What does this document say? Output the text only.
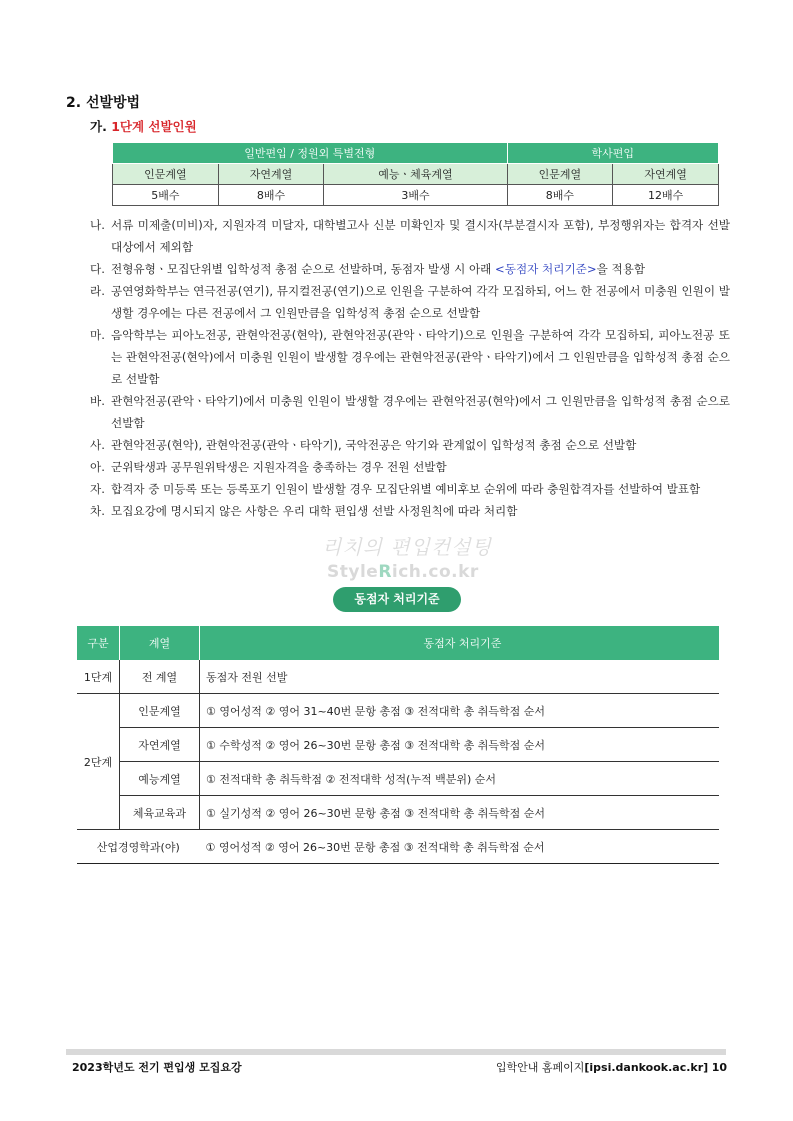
2. 선발방법
가. 1단계 선발인원
일반편입 / 정원외 특별전형			학사편입	
인문계열	자연계열	예능ㆍ체육계열	인문계열	자연계열
5배수	8배수	3배수	8배수	12배수
나. 서류 미제출(미비)자, 지원자격 미달자, 대학별고사 신분 미확인자 및 결시자(부분결시자 포함), 부정행위자는 합격자 선발대상에서 제외함
다. 전형유형ㆍ모집단위별 입학성적 총점 순으로 선발하며, 동점자 발생 시 아래 <동점자 처리기준>을 적용함
라. 공연영화학부는 연극전공(연기), 뮤지컬전공(연기)으로 인원을 구분하여 각각 모집하되, 어느 한 전공에서 미충원 인원이 발생할 경우에는 다른 전공에서 그 인원만큼을 입학성적 총점 순으로 선발함
마. 음악학부는 피아노전공, 관현악전공(현악), 관현악전공(관악ㆍ타악기)으로 인원을 구분하여 각각 모집하되, 피아노전공 또는 관현악전공(현악)에서 미충원 인원이 발생할 경우에는 관현악전공(관악ㆍ타악기)에서 그 인원만큼을 입학성적 총점 순으로 선발함
바. 관현악전공(관악ㆍ타악기)에서 미충원 인원이 발생할 경우에는 관현악전공(현악)에서 그 인원만큼을 입학성적 총점 순으로 선발함
사. 관현악전공(현악), 관현악전공(관악ㆍ타악기), 국악전공은 악기와 관계없이 입학성적 총점 순으로 선발함
아. 군위탁생과 공무원위탁생은 지원자격을 충족하는 경우 전원 선발함
자. 합격자 중 미등록 또는 등록포기 인원이 발생할 경우 모집단위별 예비후보 순위에 따라 충원합격자를 선발하여 발표함
차. 모집요강에 명시되지 않은 사항은 우리 대학 편입생 선발 사정원칙에 따라 처리함
리치의 편입컨설팅
StyleRich.co.kr
동점자 처리기준
구분	계열	동점자 처리기준
1단계	전 계열	동점자 전원 선발
2단계	인문계열	① 영어성적 ② 영어 31~40번 문항 총점 ③ 전적대학 총 취득학점 순서
	자연계열	① 수학성적 ② 영어 26~30번 문항 총점 ③ 전적대학 총 취득학점 순서
	예능계열	① 전적대학 총 취득학점 ② 전적대학 성적(누적 백분위) 순서
	체육교육과	① 실기성적 ② 영어 26~30번 문항 총점 ③ 전적대학 총 취득학점 순서
산업경영학과(야)		① 영어성적 ② 영어 26~30번 문항 총점 ③ 전적대학 총 취득학점 순서
2023학년도 전기 편입생 모집요강	입학안내 홈페이지[ipsi.dankook.ac.kr] 10
